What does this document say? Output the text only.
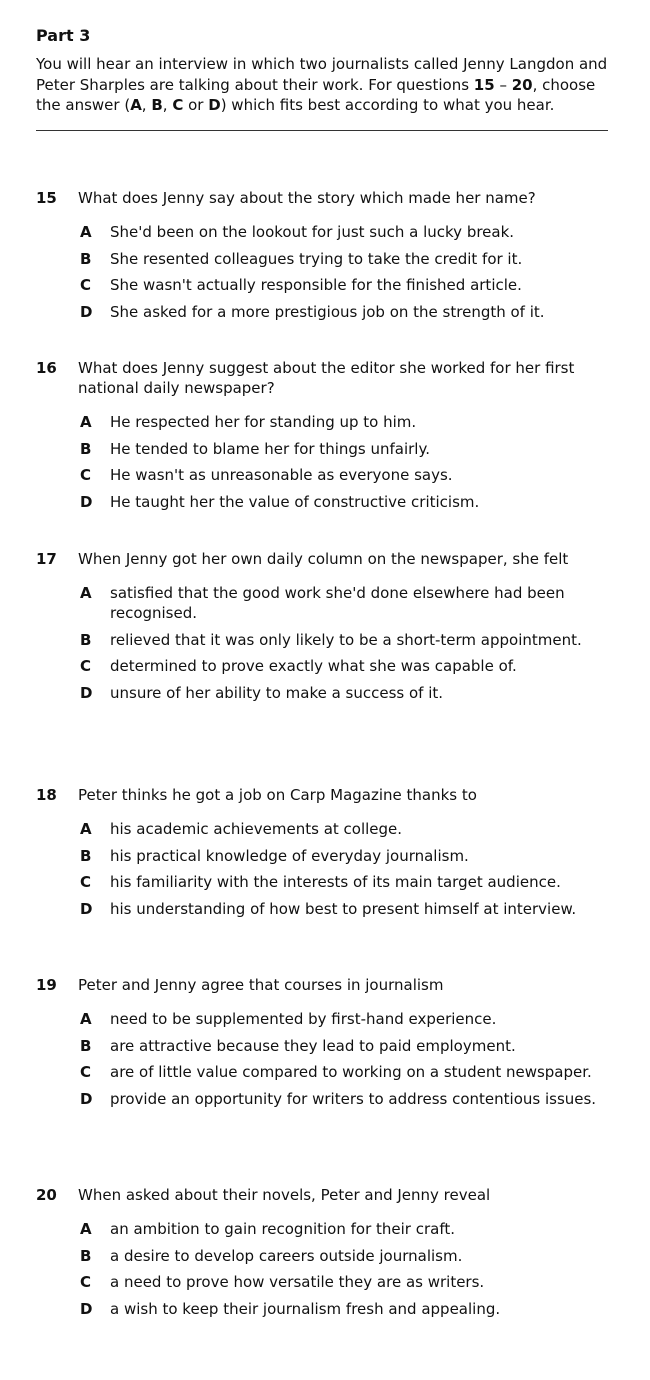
Part 3
You will hear an interview in which two journalists called Jenny Langdon and Peter Sharples are talking about their work. For questions 15 – 20, choose the answer (A, B, C or D) which fits best according to what you hear.
15	What does Jenny say about the story which made her name?
A	She'd been on the lookout for just such a lucky break.
B	She resented colleagues trying to take the credit for it.
C	She wasn't actually responsible for the finished article.
D	She asked for a more prestigious job on the strength of it.
16	What does Jenny suggest about the editor she worked for her first national daily newspaper?
A	He respected her for standing up to him.
B	He tended to blame her for things unfairly.
C	He wasn't as unreasonable as everyone says.
D	He taught her the value of constructive criticism.
17	When Jenny got her own daily column on the newspaper, she felt
A	satisfied that the good work she'd done elsewhere had been recognised.
B	relieved that it was only likely to be a short-term appointment.
C	determined to prove exactly what she was capable of.
D	unsure of her ability to make a success of it.
18	Peter thinks he got a job on Carp Magazine thanks to
A	his academic achievements at college.
B	his practical knowledge of everyday journalism.
C	his familiarity with the interests of its main target audience.
D	his understanding of how best to present himself at interview.
19	Peter and Jenny agree that courses in journalism
A	need to be supplemented by first-hand experience.
B	are attractive because they lead to paid employment.
C	are of little value compared to working on a student newspaper.
D	provide an opportunity for writers to address contentious issues.
20	When asked about their novels, Peter and Jenny reveal
A	an ambition to gain recognition for their craft.
B	a desire to develop careers outside journalism.
C	a need to prove how versatile they are as writers.
D	a wish to keep their journalism fresh and appealing.
